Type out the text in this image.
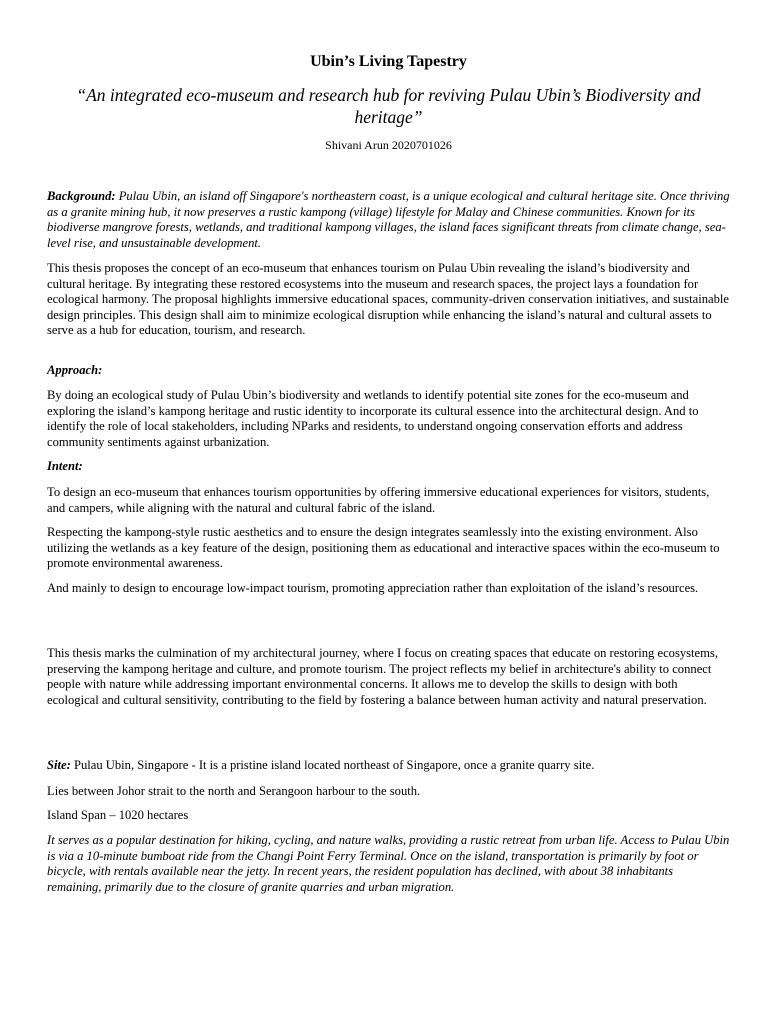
Ubin’s Living Tapestry

“An integrated eco-museum and research hub for reviving Pulau Ubin’s Biodiversity and heritage”

Shivani Arun 2020701026

Background: Pulau Ubin, an island off Singapore's northeastern coast, is a unique ecological and cultural heritage site. Once thriving as a granite mining hub, it now preserves a rustic kampong (village) lifestyle for Malay and Chinese communities. Known for its biodiverse mangrove forests, wetlands, and traditional kampong villages, the island faces significant threats from climate change, sea-level rise, and unsustainable development.

This thesis proposes the concept of an eco-museum that enhances tourism on Pulau Ubin revealing the island’s biodiversity and cultural heritage. By integrating these restored ecosystems into the museum and research spaces, the project lays a foundation for ecological harmony. The proposal highlights immersive educational spaces, community-driven conservation initiatives, and sustainable design principles. This design shall aim to minimize ecological disruption while enhancing the island’s natural and cultural assets to serve as a hub for education, tourism, and research.

Approach:

By doing an ecological study of Pulau Ubin’s biodiversity and wetlands to identify potential site zones for the eco-museum and exploring the island’s kampong heritage and rustic identity to incorporate its cultural essence into the architectural design. And to identify the role of local stakeholders, including NParks and residents, to understand ongoing conservation efforts and address community sentiments against urbanization.

Intent:

To design an eco-museum that enhances tourism opportunities by offering immersive educational experiences for visitors, students, and campers, while aligning with the natural and cultural fabric of the island.

Respecting the kampong-style rustic aesthetics and to ensure the design integrates seamlessly into the existing environment. Also utilizing the wetlands as a key feature of the design, positioning them as educational and interactive spaces within the eco-museum to promote environmental awareness.

And mainly to design to encourage low-impact tourism, promoting appreciation rather than exploitation of the island’s resources.

This thesis marks the culmination of my architectural journey, where I focus on creating spaces that educate on restoring ecosystems, preserving the kampong heritage and culture, and promote tourism. The project reflects my belief in architecture's ability to connect people with nature while addressing important environmental concerns. It allows me to develop the skills to design with both ecological and cultural sensitivity, contributing to the field by fostering a balance between human activity and natural preservation.

Site: Pulau Ubin, Singapore - It is a pristine island located northeast of Singapore, once a granite quarry site.

Lies between Johor strait to the north and Serangoon harbour to the south.

Island Span – 1020 hectares

It serves as a popular destination for hiking, cycling, and nature walks, providing a rustic retreat from urban life. Access to Pulau Ubin is via a 10-minute bumboat ride from the Changi Point Ferry Terminal. Once on the island, transportation is primarily by foot or bicycle, with rentals available near the jetty. In recent years, the resident population has declined, with about 38 inhabitants remaining, primarily due to the closure of granite quarries and urban migration.
